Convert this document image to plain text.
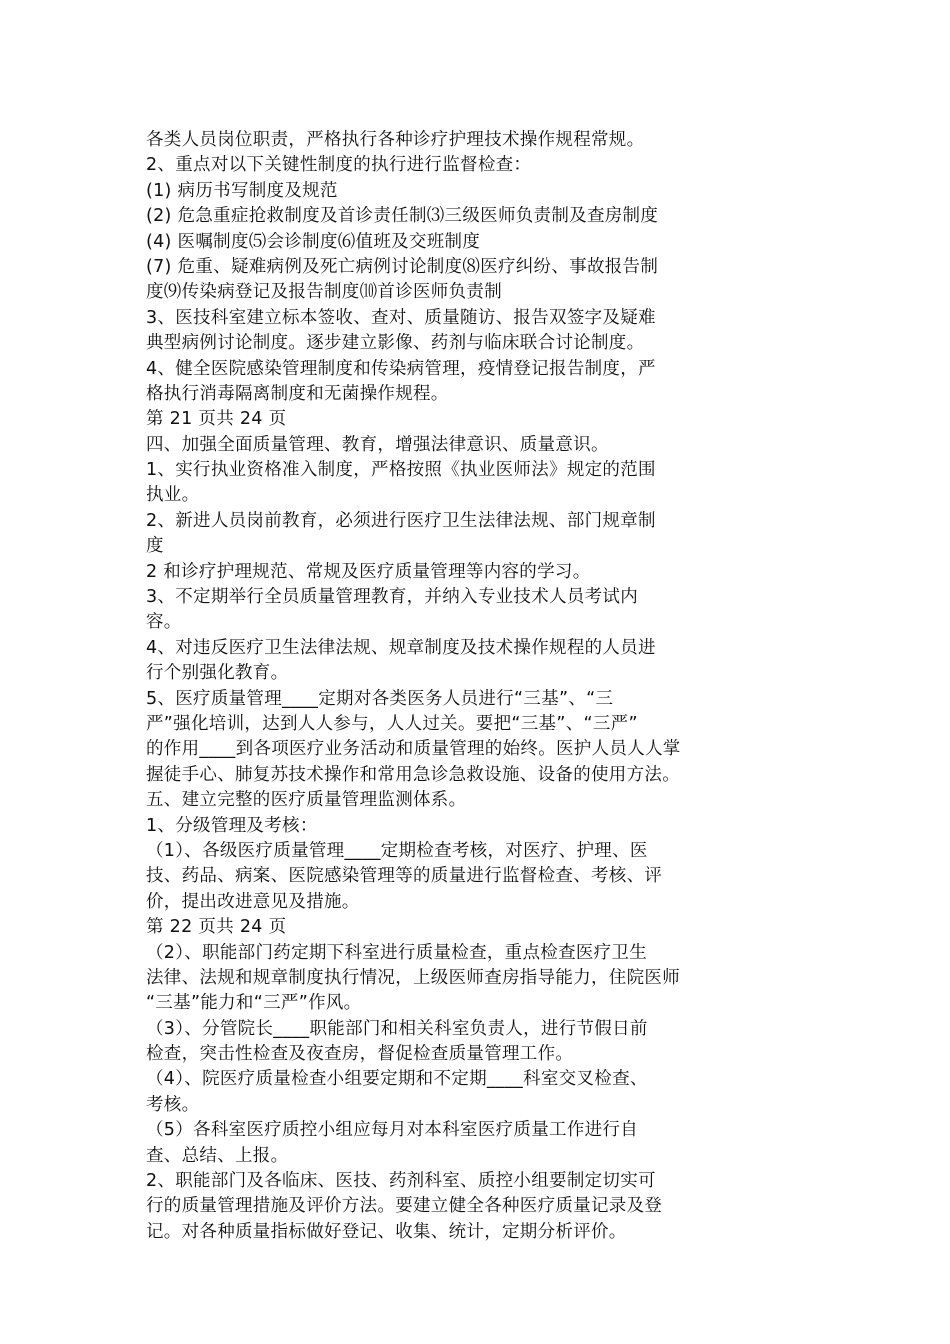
各类人员岗位职责，严格执行各种诊疗护理技术操作规程常规。
2、重点对以下关键性制度的执行进行监督检查：
(1) 病历书写制度及规范
(2) 危急重症抢救制度及首诊责任制⑶三级医师负责制及查房制度
(4) 医嘱制度⑸会诊制度⑹值班及交班制度
(7) 危重、疑难病例及死亡病例讨论制度⑻医疗纠纷、事故报告制
度⑼传染病登记及报告制度⑽首诊医师负责制
3、医技科室建立标本签收、查对、质量随访、报告双签字及疑难
典型病例讨论制度。逐步建立影像、药剂与临床联合讨论制度。
4、健全医院感染管理制度和传染病管理，疫情登记报告制度，严
格执行消毒隔离制度和无菌操作规程。
第 21 页共 24 页
四、加强全面质量管理、教育，增强法律意识、质量意识。
1、实行执业资格准入制度，严格按照《执业医师法》规定的范围
执业。
2、新进人员岗前教育，必须进行医疗卫生法律法规、部门规章制
度
2 和诊疗护理规范、常规及医疗质量管理等内容的学习。
3、不定期举行全员质量管理教育，并纳入专业技术人员考试内
容。
4、对违反医疗卫生法律法规、规章制度及技术操作规程的人员进
行个别强化教育。
5、医疗质量管理____定期对各类医务人员进行“三基”、“三
严”强化培训，达到人人参与，人人过关。要把“三基”、“三严”
的作用____到各项医疗业务活动和质量管理的始终。医护人员人人掌
握徒手心、肺复苏技术操作和常用急诊急救设施、设备的使用方法。
五、建立完整的医疗质量管理监测体系。
1、分级管理及考核：
（1）、各级医疗质量管理____定期检查考核，对医疗、护理、医
技、药品、病案、医院感染管理等的质量进行监督检查、考核、评
价，提出改进意见及措施。
第 22 页共 24 页
（2）、职能部门药定期下科室进行质量检查，重点检查医疗卫生
法律、法规和规章制度执行情况，上级医师查房指导能力，住院医师
“三基”能力和“三严”作风。
（3）、分管院长____职能部门和相关科室负责人，进行节假日前
检查，突击性检查及夜查房，督促检查质量管理工作。
（4）、院医疗质量检查小组要定期和不定期____科室交叉检查、
考核。
（5）各科室医疗质控小组应每月对本科室医疗质量工作进行自
查、总结、上报。
2、职能部门及各临床、医技、药剂科室、质控小组要制定切实可
行的质量管理措施及评价方法。要建立健全各种医疗质量记录及登
记。对各种质量指标做好登记、收集、统计，定期分析评价。
